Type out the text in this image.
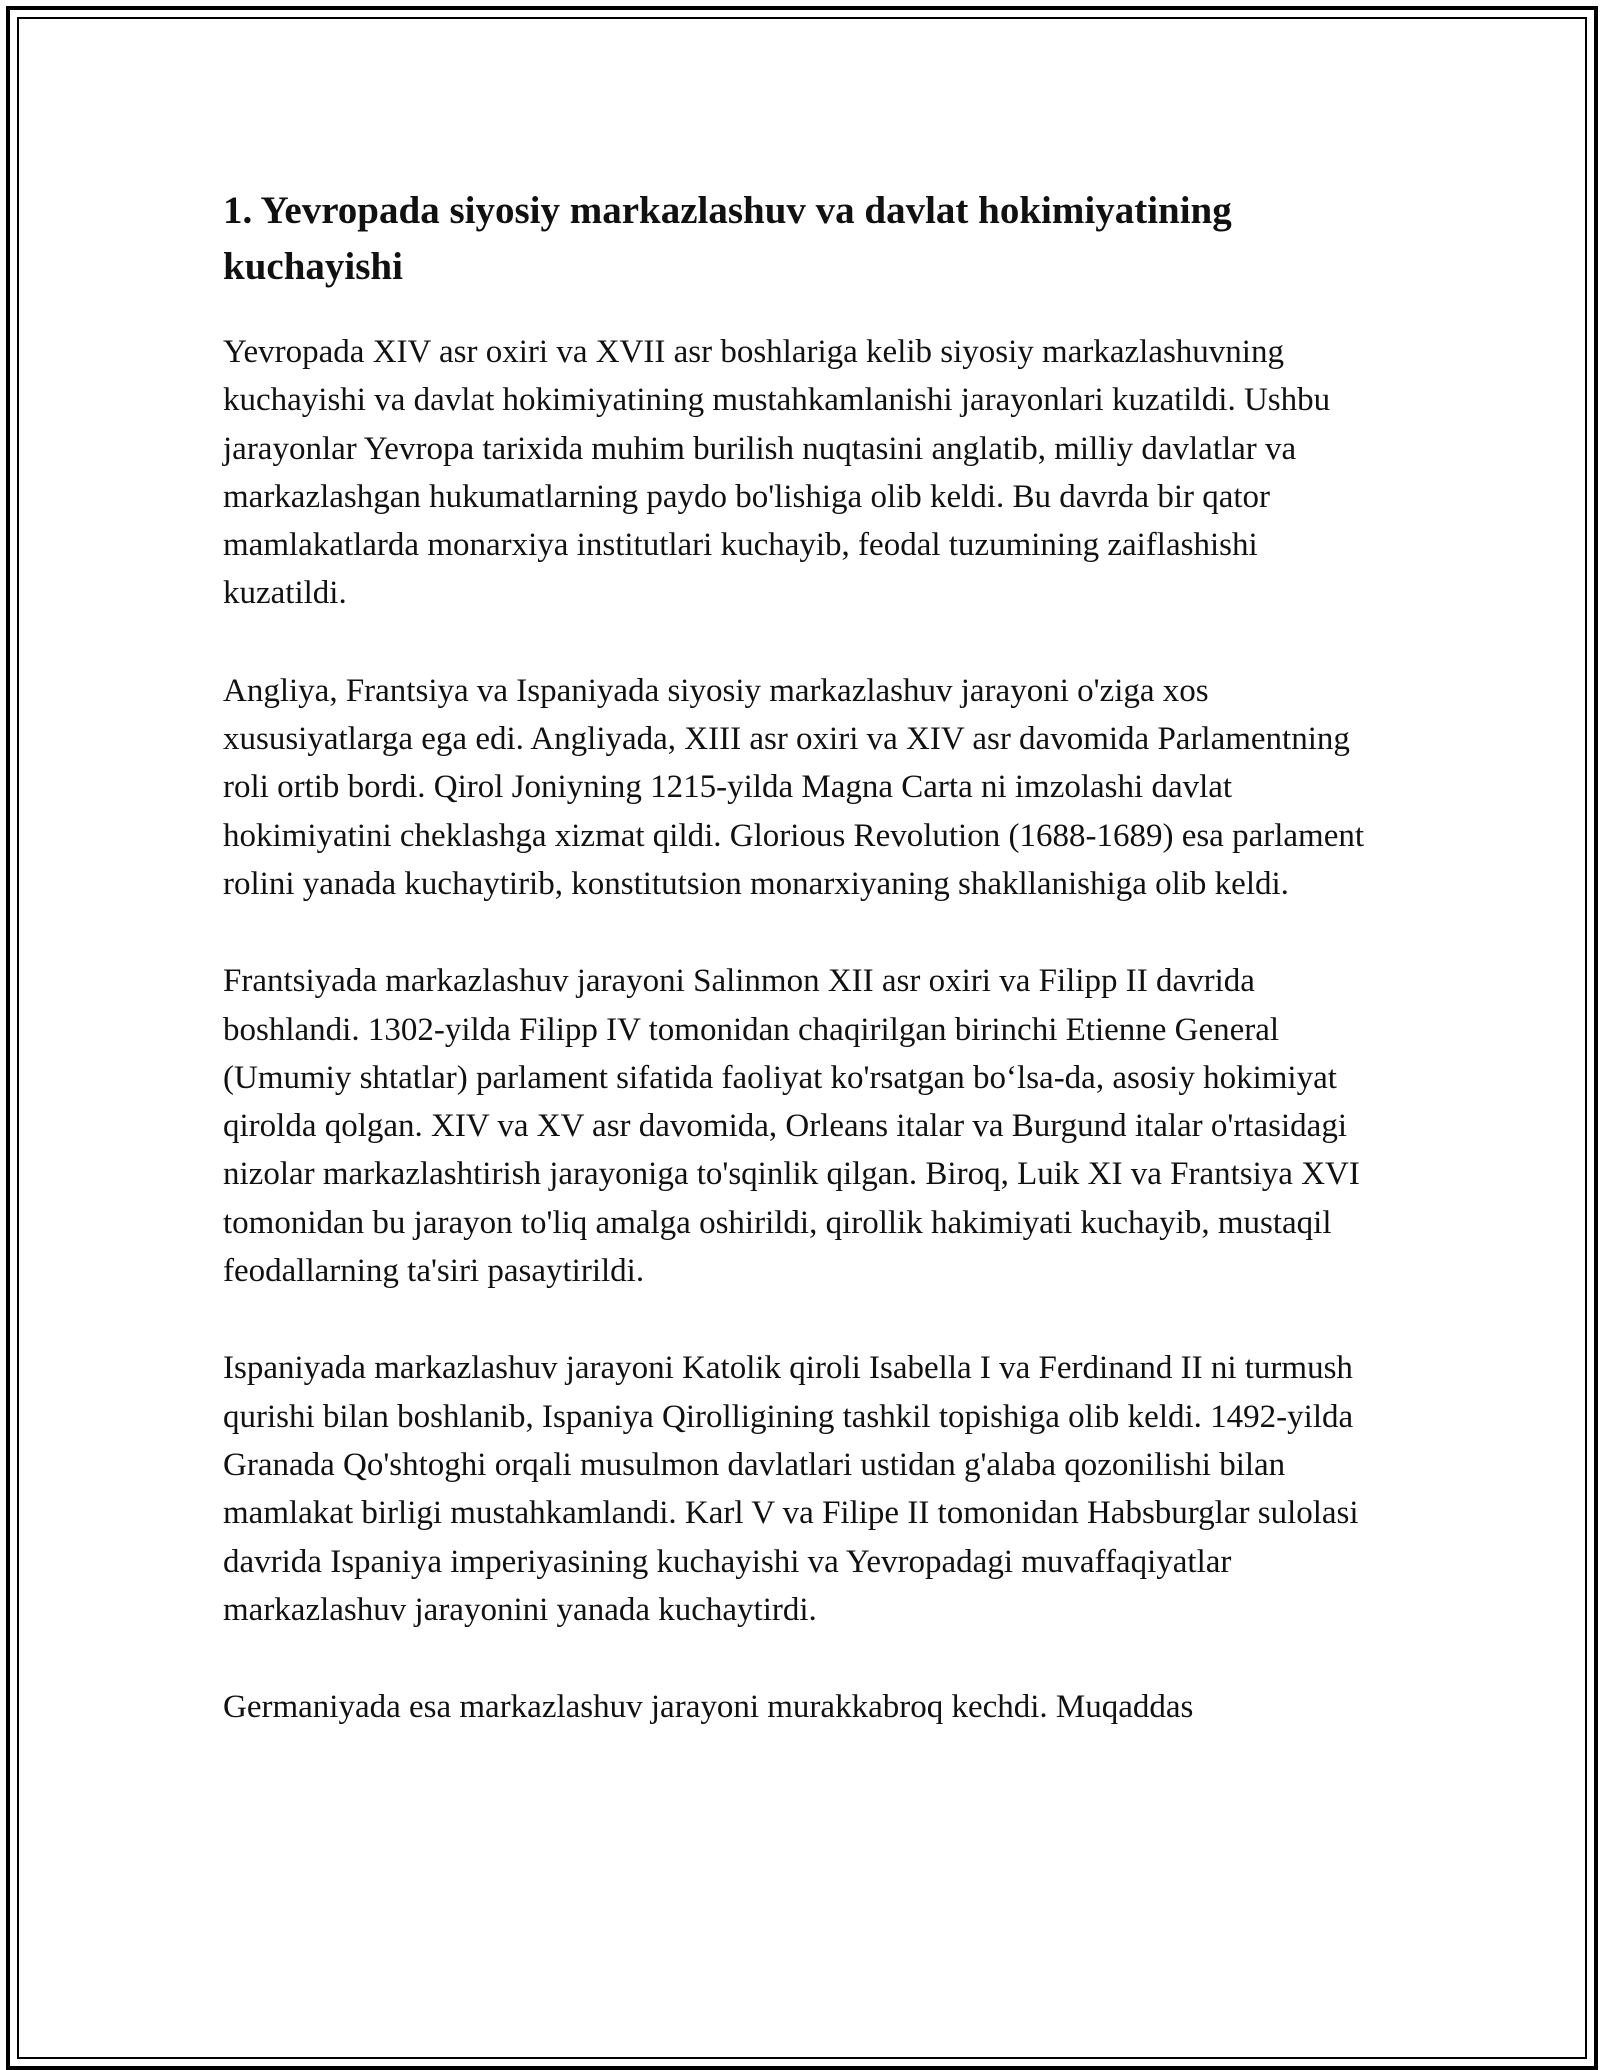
1. Yevropada siyosiy markazlashuv va davlat hokimiyatining kuchayishi

Yevropada XIV asr oxiri va XVII asr boshlariga kelib siyosiy markazlashuvning kuchayishi va davlat hokimiyatining mustahkamlanishi jarayonlari kuzatildi. Ushbu jarayonlar Yevropa tarixida muhim burilish nuqtasini anglatib, milliy davlatlar va markazlashgan hukumatlarning paydo bo'lishiga olib keldi. Bu davrda bir qator mamlakatlarda monarxiya institutlari kuchayib, feodal tuzumining zaiflashishi kuzatildi.

Angliya, Frantsiya va Ispaniyada siyosiy markazlashuv jarayoni o'ziga xos xususiyatlarga ega edi. Angliyada, XIII asr oxiri va XIV asr davomida Parlamentning roli ortib bordi. Qirol Joniyning 1215-yilda Magna Carta ni imzolashi davlat hokimiyatini cheklashga xizmat qildi. Glorious Revolution (1688-1689) esa parlament rolini yanada kuchaytirib, konstitutsion monarxiyaning shakllanishiga olib keldi.

Frantsiyada markazlashuv jarayoni Salinmon XII asr oxiri va Filipp II davrida boshlandi. 1302-yilda Filipp IV tomonidan chaqirilgan birinchi Etienne General (Umumiy shtatlar) parlament sifatida faoliyat ko'rsatgan bo‘lsa-da, asosiy hokimiyat qirolda qolgan. XIV va XV asr davomida, Orleans italar va Burgund italar o'rtasidagi nizolar markazlashtirish jarayoniga to'sqinlik qilgan. Biroq, Luik XI va Frantsiya XVI tomonidan bu jarayon to'liq amalga oshirildi, qirollik hakimiyati kuchayib, mustaqil feodallarning ta'siri pasaytirildi.

Ispaniyada markazlashuv jarayoni Katolik qiroli Isabella I va Ferdinand II ni turmush qurishi bilan boshlanib, Ispaniya Qirolligining tashkil topishiga olib keldi. 1492-yilda Granada Qo'shtoghi orqali musulmon davlatlari ustidan g'alaba qozonilishi bilan mamlakat birligi mustahkamlandi. Karl V va Filipe II tomonidan Habsburglar sulolasi davrida Ispaniya imperiyasining kuchayishi va Yevropadagi muvaffaqiyatlar markazlashuv jarayonini yanada kuchaytirdi.

Germaniyada esa markazlashuv jarayoni murakkabroq kechdi. Muqaddas
